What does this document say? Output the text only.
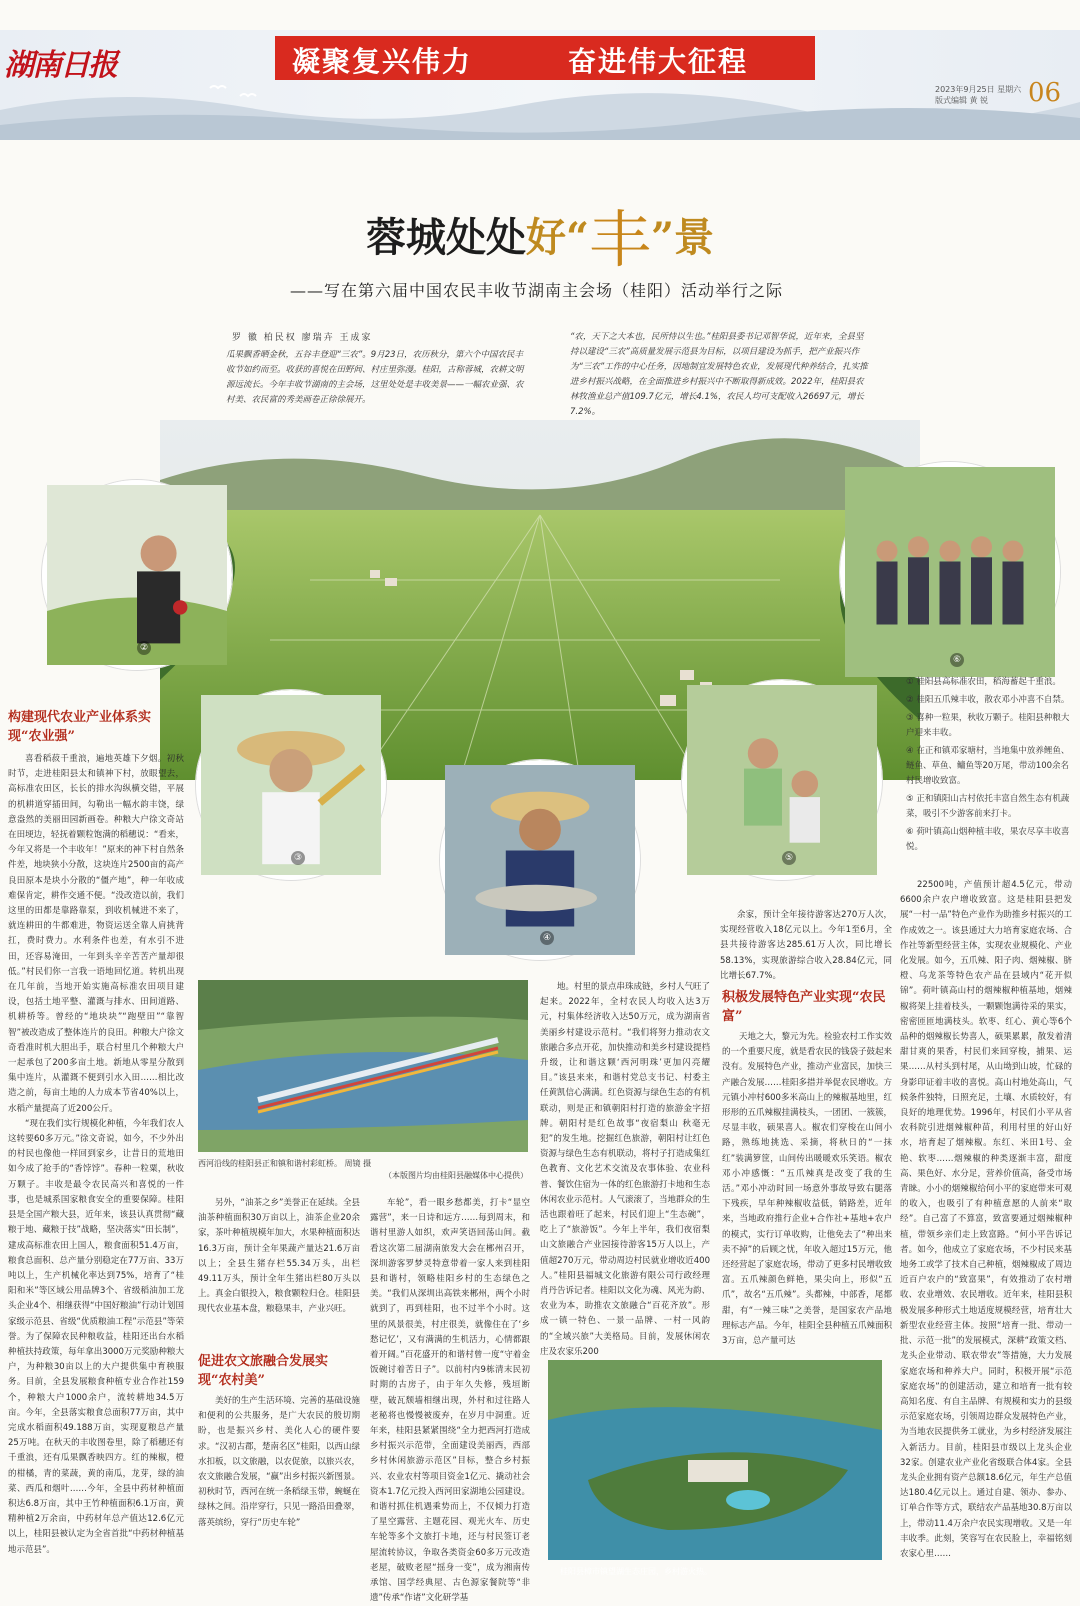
湖南日报	凝聚复兴伟力	奋进伟大征程
2023年9月25日 星期六
版式编辑 黄 锐	06
蓉城处处好“丰”景
——写在第六届中国农民丰收节湖南主会场（桂阳）活动举行之际
罗 徽 柏民权 廖瑞卉 王成家
瓜果飘香晒金秋，五谷丰登迎“三农”。9月23日，农历秋分，第六个中国农民丰收节如约而至。收获的喜悦在田野间、村庄里弥漫。桂阳，古称蓉城，农耕文明源远流长。今年丰收节湖南的主会场，这里处处是丰收美景——一幅农业强、农村美、农民富的秀美画卷正徐徐展开。
“农，天下之大本也，民所恃以生也。”桂阳县委书记邓智华说，近年来，全县坚持以建设“三农”高质量发展示范县为目标，以项目建设为抓手，把产业振兴作为“三农”工作的中心任务，因地制宜发展特色农业，发展现代种养结合，扎实推进乡村振兴战略，在全面推进乡村振兴中不断取得新成效。2022年，桂阳县农林牧渔业总产值109.7亿元，增长4.1%，农民人均可支配收入26697元，增长7.2%。
②
③
④
⑤
⑥
① 桂阳县高标准农田，稻海蓄起千重浪。
② 桂阳五爪辣丰收，散农邓小冲喜不自禁。
③ 喜种一粒果，秋收万颗子。桂阳县种粮大户迎来丰收。
④ 在正和镇邓家塘村，当地集中放养鲤鱼、鲢鱼、草鱼、鳙鱼等20万尾，带动100余名村民增收致富。
⑤ 正和镇阳山古村依托丰富自然生态有机蔬菜，吸引不少游客前来打卡。
⑥ 荷叶镇高山烟种植丰收，果农尽享丰收喜悦。
构建现代农业产业体系实现“农业强”

喜看稻菽千重浪，遍地英雄下夕烟。初秋时节，走进桂阳县太和镇神下村，放眼望去，高标准农田区，长长的排水沟纵横交错，平展的机耕道穿插田间，勾勒出一幅水韵丰饶，绿意盎然的美丽田园新画卷。种粮大户徐文奇站在田埂边，轻抚着颗粒饱满的稻穗说：“看来，今年又将是一个丰收年！”原来的神下村自然条件差，地块狭小分散，这块连片2500亩的高产良田原本是块小分散的“僵产地”，种一年收成难保肯定，耕作交通不便。“没改造以前，我们这里的田都是靠路靠泵，到收机械进不来了，就连耕田的牛都难进，物资运送全靠人肩挑背扛，费时费力。水利条件也差，有水引不进田，还容易淹田，一年到头辛辛苦苦产量却很低。”村民们你一言我一语地回忆道。转机出现在几年前，当地开始实施高标准农田项目建设，包括土地平整、灌溉与排水、田间道路、机耕桥等。曾经的“地块块”“跑壁田”“靠智智”被改造成了整体连片的良田。种粮大户徐文奇看准时机大胆出手，联合村里几个种粮大户一起承包了200多亩土地。新地从零星分散到集中连片，从灌溉不便到引水入田……相比改造之前，每亩土地的人力成本节省40%以上，水稻产量提高了近200公斤。

“现在我们实行规模化种植，今年我们农人这转要60多万元。”徐文奇说，如今，不少外出的村民也像他一样回到家乡，让昔日的荒地田如今成了抢手的“香饽饽”。春种一粒粟，秋收万颗子。丰收是最令农民高兴和喜悦的一件事，也是城系国家粮食安全的重要保障。桂阳县是全国产粮大县，近年来，该县认真贯彻“藏粮于地、藏粮于技”战略，坚决落实“田长制”，建成高标准农田上国人，粮食面积51.4万亩，粮食总面积、总产量分别稳定在77万亩、33万吨以上，生产机械化率达到75%，培育了“桂阳和米”等区域公用品牌3个、省级稻油加工龙头企业4个、相继获得“中国好粮油”行动计划国家级示范县、省级“优质粮油工程”示范县”等荣誉。为了保障农民种粮收益，桂阳还出台水稻种植扶持政策，每年拿出3000万元奖励种粮大户，为种粮30亩以上的大户提供集中育秧服务。目前，全县发展粮食种植专业合作社159个，种粮大户1000余户，流转耕地34.5万亩。今年，全县落实粮食总面积77万亩，其中完成水稻面积49.188万亩，实现夏粮总产量25万吨。在秋天的丰收图卷里，除了稻穗还有千重浪，还有瓜果飘香映四方。红的辣椒，橙的柑橘，青的菜蔬，黄的南瓜，龙芽，绿的油菜、西瓜和烟叶……今年，全县中药材种植面积达6.8万亩，其中王竹种植面积6.1万亩，黄精种植2万余亩，中药材年总产值达12.6亿元以上，桂阳县被认定为全省首批“中药材种植基地示范县”。

西河沿线的桂阳县正和镇和谐村彩虹桥。 周镜 摄
（本版图片均由桂阳县融媒体中心提供）

另外，“油茶之乡”美誉正在延续。全县油茶种植面积30万亩以上，油茶企业20余家，茶叶种植规模年加大，水果种植面积达16.3万亩，预计全年果蔬产量达21.6万亩以上；全县生猪存栏55.34万头，出栏49.11万头，预计全年生猪出栏80万头以上。真金白银投入，粮食颗粒归仓。桂阳县现代农业基本盘，粮稳果丰，产业兴旺。

促进农文旅融合发展实现“农村美”

美好的生产生活环境、完善的基础设施和便利的公共服务，是广大农民的殷切期盼，也是振兴乡村、美化人心的硬件要求。“汉初古郡，楚南名区”桂阳，以西山绿水扣板，以文旅融，以农促旅，以旅兴农，农文旅融合发展，“赢”出乡村振兴新图景。初秋时节，西河在统一条稻绿玉带，蜿蜒在绿林之间。沿岸穿行，只见一路沿田叠翠，落英缤纷，穿行“历史车轮”

车轮”，看一眼乡愁都美，打卡“显空露营”，来一日诗和远方……每到周末，和谐村里游人如织，欢声笑语回荡山间。截看这次第二届湖南旅发大会在郴州召开，深圳游客罗梦灵特意带着一家人来到桂阳县和谐村，领略桂阳乡村的生态绿色之美。“我们从深圳出高铁来郴州，两个小时就到了，再到桂阳，也不过半个小时。这里的风景很美，村庄很美，就像住在了‘乡愁记忆’，又有满满的生机活力，心情都跟着开阔。”百花盛开的和谐村曾一度“守着金饭碗讨着苦日子”。以前村内9栋清末民初时期的古房子，由于年久失修，残垣断壁，破瓦颓墙相继出现，外村和过往路人老秘将也慢慢被废弃，在岁月中洞重。近年来，桂阳县紧紧围绕“全力把西河打造成乡村振兴示范带，全面建设美丽西，西部乡村休闲旅游示范区”目标，整合乡村振兴、农业农村等项目资金1亿元、撬动社会资本1.7亿元投入西河田家湖地公园建设。和谐村抓住机遇乘势而上，不仅倾力打造了星空露营、主题花园、观光火车、历史车轮等多个文旅打卡地，还与村民签订老屋流转协议，争取各类资金60多万元改造老屋，破败老屋“摇身一变”，成为湘南传承馆、国学经典屋、古色源家餐院等“非遗”传承“作诸”文化研学基

地。村里的景点串珠成链，乡村人气旺了起来。2022年，全村农民人均收入达3万元，村集体经济收入达50万元，成为湖南省美丽乡村建设示范村。“我们将努力推动农文旅融合多点开花，加快推动和美乡村建设提档升级，让和谐这颗‘西河明珠’更加闪亮耀目。”该县来来，和谐村党总支书记、村委主任黄凯信心满满。红色资源与绿色生态的有机联动，则是正和镇朝阳村打造的旅游金字招牌。朝阳村是红色故事“夜宿梨山 秋毫无犯”的发生地。挖掘红色旅游，朝阳村让红色资源与绿色生态有机联动，将村子打造成集红色教育、文化艺术交流及农事体验、农业科普、餐饮住宿为一体的红色旅游打卡地和生态休闲农业示范村。人气滚滚了，当地群众的生活也跟着旺了起来，村民们迎上“生态碗”，吃上了“旅游饭”。今年上半年，我们夜宿梨山文旅融合产业园接待游客15万人以上，产值超270万元，带动周边村民就业增收近400人。”桂阳县福城文化旅游有限公司行政经理肖丹告诉记者。桂阳以文化为魂、风光为韵、农业为本，助推农文旅融合“百花齐放”。形成一镇一特色、一景一品牌、一村一风韵的“全域兴旅”大美格局。目前，发展休闲农庄及农家乐200

余家，预计全年接待游客达270万人次，实现经营收入18亿元以上。今年1至6月，全县共接待游客达285.61万人次，同比增长58.13%，实现旅游综合收入28.84亿元，同比增长67.7%。

积极发展特色产业实现“农民富”

天地之大，黎元为先。检验农村工作实效的一个重要尺度，就是看农民的钱袋子鼓起来没有。发展特色产业，推动产业富民，加快三产融合发展……桂阳多措并举促农民增收。方元镇小冲村600多米高山上的辣椒基地里，红形形的五爪辣椒挂满枝头，一团团、一簇簇，尽显丰收，硕果喜人。椒农们穿梭在山间小路，熟练地挑选、采摘，将秋日的“一抹红”装满箩筐，山间传出暖暖欢乐笑语。椒农邓小冲感慨：“五爪辣真是改变了我的生活。”邓小冲动时回一场意外事故导致右腿落下残疾，早年种辣椒收益低，销路差，近年来，当地政府推行企业+合作社+基地+农户的模式，实行订单收购，让他免去了“种出来卖不掉”的后顾之忧，年收入超过15万元，他还经营起了家庭农场，带动了更多村民增收致富。五爪辣颜色鲜艳，果尖向上，形似“五爪”，故名“五爪辣”。头都辣，中部香，尾都甜，有“一辣三味”之美誉，是国家农产品地理标志产品。今年，桂阳全县种植五爪辣面积3万亩，总产量可达

桂阳县樟市镇望湖生态庄园，乡村游火热。

22500吨，产值预计超4.5亿元，带动6600余户农户增收致富。这是桂阳县把发展“一村一品”特色产业作为助推乡村振兴的工作成效之一。该县通过大力培育家庭农场、合作社等新型经营主体，实现农业规模化、产业化发展。如今，五爪辣、阳子肉、烟辣椒、脐橙、乌龙茶等特色农产品在县域内“花开似锦”。荷叶镇高山村的烟辣椒种植基地，烟辣椒将架上挂着枝头，一颗颗饱满待采的果实，密密匝匝地满枝头。软枣、红心、黄心等6个品种的烟辣椒长势喜人，硕果累累，散发着清甜甘爽的果香，村民们来回穿梭，捕果、运果……从村头到村尾，从山坳到山坡，忙碌的身影印证着丰收的喜悦。高山村地处高山，气候条件独特，日照充足，土壤、水质较好，有良好的地理优势。1996年，村民们小平从省农科院引进烟辣椒种苗，利用村里的好山好水，培育起了烟辣椒。东红、米田1号、金艳、软枣……烟辣椒的种类逐渐丰富，甜度高、果色好、水分足，营养价值高，备受市场青睐。小小的烟辣椒给何小平的家庭带来可观的收入，也吸引了有种植意愿的人前来“取经”。自己富了不算富，致富要通过烟辣椒种植，带领乡亲们走上致富路。“何小平告诉记者。如今，他成立了家庭农场，不少村民来基地务工或学了技术自己种植，烟辣椒成了周边近百户农户的“致富果”，有效推动了农村增收、农业增效、农民增收。近年来，桂阳县积极发展多种形式土地适度规模经营，培育壮大新型农业经营主体。按照“培育一批、带动一批、示范一批”的发展模式，深耕“政策文档、龙头企业带动、联农带农”等措施，大力发展家庭农场和种养大户。同时，积极开展“示范家庭农场”的创建活动，建立和培育一批有较高知名度、有自主品牌、有规模和实力的县级示范家庭农场，引领周边群众发展特色产业，为当地农民提供务工就业，为乡村经济发展注入新活力。目前，桂阳县市级以上龙头企业32家。创建农业产业化省级联合体4家。全县龙头企业拥有资产总额18.6亿元，年生产总值达180.4亿元以上。通过自建、领办、参办、订单合作等方式，联结农产品基地30.8万亩以上，带动11.4万余户农民实现增收。又是一年丰收季。此刻，笑容写在农民脸上，幸福铭刻农家心里……
